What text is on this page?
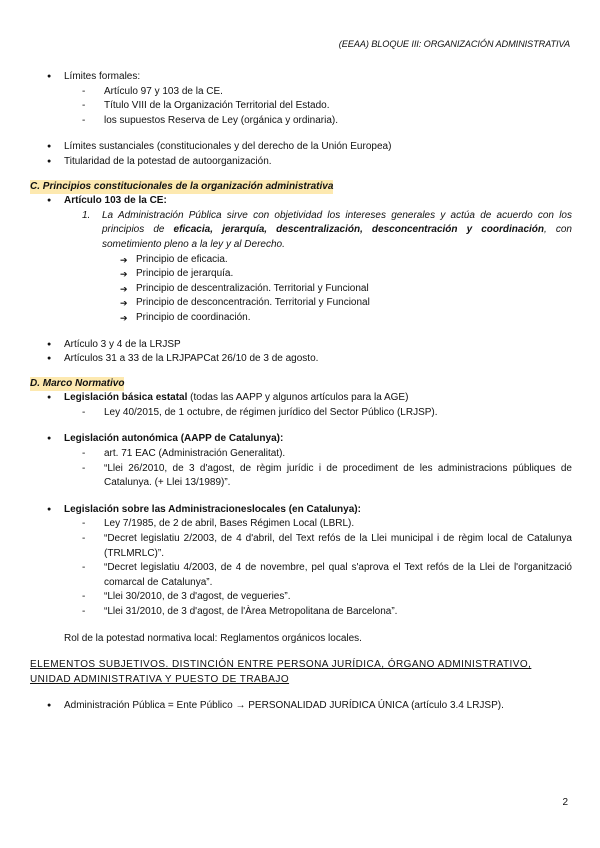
(EEAA) BLOQUE III: ORGANIZACIÓN ADMINISTRATIVA
● Límites formales:
- Artículo 97 y 103 de la CE.
- Título VIII de la Organización Territorial del Estado.
- los supuestos Reserva de Ley (orgánica y ordinaria).
● Límites sustanciales (constitucionales y del derecho de la Unión Europea)
● Titularidad de la potestad de autoorganización.
C. Principios constitucionales de la organización administrativa
● Artículo 103 de la CE:
1. La Administración Pública sirve con objetividad los intereses generales y actúa de acuerdo con los principios de eficacia, jerarquía, descentralización, desconcentración y coordinación, con sometimiento pleno a la ley y al Derecho.
➔ Principio de eficacia.
➔ Principio de jerarquía.
➔ Principio de descentralización. Territorial y Funcional
➔ Principio de desconcentración. Territorial y Funcional
➔ Principio de coordinación.
● Artículo 3 y 4 de la LRJSP
● Artículos 31 a 33 de la LRJPAPCat 26/10 de 3 de agosto.
D. Marco Normativo
● Legislación básica estatal (todas las AAPP y algunos artículos para la AGE)
- Ley 40/2015, de 1 octubre, de régimen jurídico del Sector Público (LRJSP).
● Legislación autonómica (AAPP de Catalunya):
- art. 71 EAC (Administración Generalitat).
- “Llei 26/2010, de 3 d'agost, de règim jurídic i de procediment de les administracions públiques de Catalunya. (+ Llei 13/1989)”.
● Legislación sobre las Administracioneslocales (en Catalunya):
- Ley 7/1985, de 2 de abril, Bases Régimen Local (LBRL).
- “Decret legislatiu 2/2003, de 4 d'abril, del Text refós de la Llei municipal i de règim local de Catalunya (TRLMRLC)”.
- “Decret legislatiu 4/2003, de 4 de novembre, pel qual s'aprova el Text refós de la Llei de l'organització comarcal de Catalunya”.
- “Llei 30/2010, de 3 d'agost, de vegueries”.
- “Llei 31/2010, de 3 d'agost, de l'Àrea Metropolitana de Barcelona”.

Rol de la potestad normativa local: Reglamentos orgánicos locales.

ELEMENTOS SUBJETIVOS. DISTINCIÓN ENTRE PERSONA JURÍDICA, ÓRGANO ADMINISTRATIVO, UNIDAD ADMINISTRATIVA Y PUESTO DE TRABAJO

● Administración Pública = Ente Público → PERSONALIDAD JURÍDICA ÚNICA (artículo 3.4 LRJSP).
2
